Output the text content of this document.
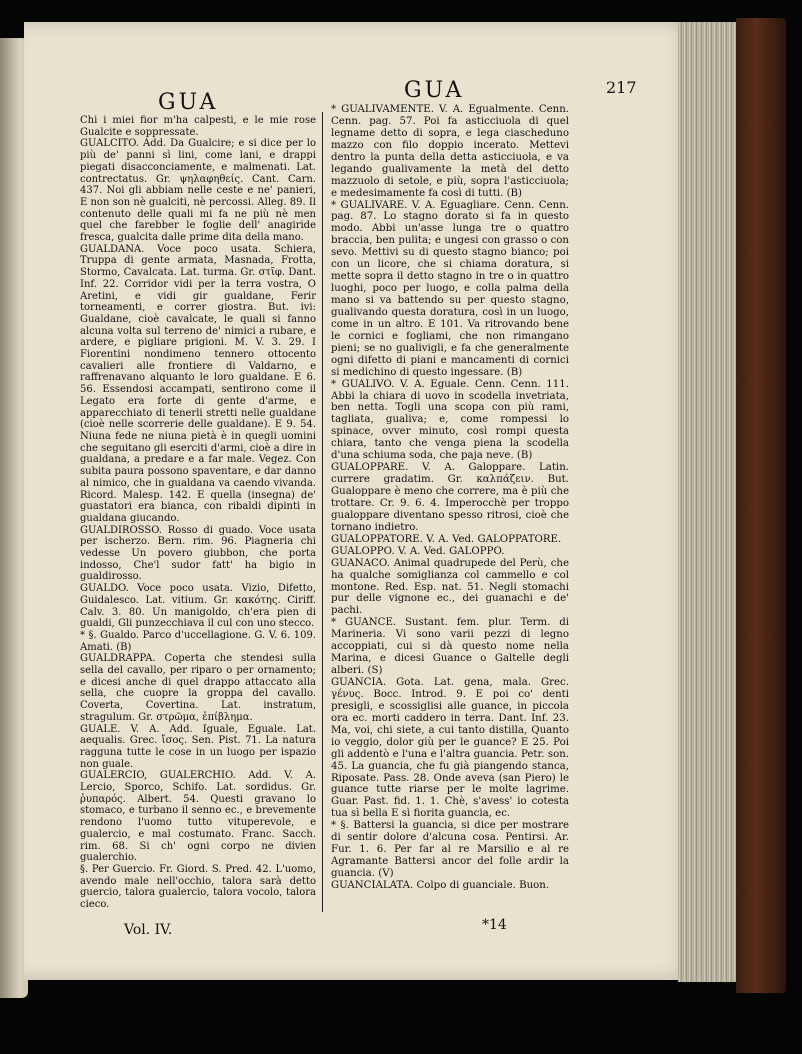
GUA	GUA	217

Chi i miei fior m'ha calpesti, e le mie rose Gualcite e soppressate.

GUALCITO. Add. Da Gualcire; e si dice per lo più de' panni sì lini, come lani, e drappi piegati disacconciamente, e malmenati. Lat. contrectatus. Gr. ψηλαφηθείς. Cant. Carn. 437. Noi gli abbiam nelle ceste e ne' panieri, E non son nè gualciti, nè percossi. Alleg. 89. Il contenuto delle quali mi fa ne più nè men quel che farebber le foglie dell' anagiride fresca, gualcita dalle prime dita della mano.

GUALDANA. Voce poco usata. Schiera, Truppa di gente armata, Masnada, Frotta, Stormo, Cavalcata. Lat. turma. Gr. στῖφ. Dant. Inf. 22. Corridor vidi per la terra vostra, O Aretini, e vidi gir gualdane, Ferir torneamenti, e correr giostra. But. ivi: Gualdane, cioè cavalcate, le quali si fanno alcuna volta sul terreno de' nimici a rubare, e ardere, e pigliare prigioni. M. V. 3. 29. I Fiorentini nondimeno tennero ottocento cavalieri alle frontiere di Valdarno, e raffrenavano alquanto le loro gualdane. E 6. 56. Essendosi accampati, sentirono come il Legato era forte di gente d'arme, e apparecchiato di tenerli stretti nelle gualdane (cioè nelle scorrerie delle gualdane). E 9. 54. Niuna fede ne niuna pietà è in quegli uomini che seguitano gli eserciti d'armi, cioè a dire in gualdana, a predare e a far male. Vegez. Con subita paura possono spaventare, e dar danno al nimico, che in gualdana va caendo vivanda. Ricord. Malesp. 142. E quella (insegna) de' guastatori era bianca, con ribaldi dipinti in gualdana giucando.

GUALDIROSSO. Rosso di guado. Voce usata per ischerzo. Bern. rim. 96. Piagneria chi vedesse Un povero giubbon, che porta indosso, Che'l sudor fatt' ha bigio in gualdirosso.

GUALDO. Voce poco usata. Vizio, Difetto, Guidalesco. Lat. vitium. Gr. κακότης. Ciriff. Calv. 3. 80. Un manigoldo, ch'era pien di gualdi, Gli punzecchiava il cul con uno stecco.

* §. Gualdo. Parco d'uccellagione. G. V. 6. 109. Amati. (B)

GUALDRAPPA. Coperta che stendesi sulla sella del cavallo, per riparo o per ornamento; e dicesi anche di quel drappo attaccato alla sella, che cuopre la groppa del cavallo. Coverta, Covertina. Lat. instratum, stragulum. Gr. στρῶμα, ἐπίβλημα.

GUALE. V. A. Add. Iguale, Eguale. Lat. aequalis. Grec. ἴσος. Sen. Pist. 71. La natura ragguna tutte le cose in un luogo per ispazio non guale.

GUALERCIO, GUALERCHIO. Add. V. A. Lercio, Sporco, Schifo. Lat. sordidus. Gr. ῥυπαρός. Albert. 54. Questi gravano lo stomaco, e turbano il senno ec., e brevemente rendono l'uomo tutto vituperevole, e gualercio, e mal costumato. Franc. Sacch. rim. 68. Si ch' ogni corpo ne divien gualerchio.

§. Per Guercio. Fr. Giord. S. Pred. 42. L'uomo, avendo male nell'occhio, talora sarà detto guercio, talora gualercio, talora vocolo, talora cieco.

* GUALIVAMENTE. V. A. Egualmente. Cenn. Cenn. pag. 57. Poi fa asticciuola di quel legname detto di sopra, e lega ciascheduno mazzo con filo doppio incerato. Mettevi dentro la punta della detta asticciuola, e va legando gualivamente la metà del detto mazzuolo di setole, e più, sopra l'asticciuola; e medesimamente fa così di tutti. (B)

* GUALIVARE. V. A. Eguagliare. Cenn. Cenn. pag. 87. Lo stagno dorato si fa in questo modo. Abbi un'asse lunga tre o quattro braccia, ben pulita; e ungesi con grasso o con sevo. Mettivi su di questo stagno bianco; poi con un licore, che si chiama doratura, si mette sopra il detto stagno in tre o in quattro luoghi, poco per luogo, e colla palma della mano si va battendo su per questo stagno, gualivando questa doratura, così in un luogo, come in un altro. E 101. Va ritrovando bene le cornici e fogliami, che non rimangano pieni; se no gualivigli, e fa che generalmente ogni difetto di piani e mancamenti di cornici si medichino di questo ingessare. (B)

* GUALIVO. V. A. Eguale. Cenn. Cenn. 111. Abbi la chiara di uovo in scodella invetriata, ben netta. Togli una scopa con più rami, tagliata, gualiva; e, come rompessi lo spinace, ovver minuto, così rompi questa chiara, tanto che venga piena la scodella d'una schiuma soda, che paja neve. (B)

GUALOPPARE. V. A. Galoppare. Latin. currere gradatim. Gr. καλπάζειν. But. Gualoppare è meno che correre, ma è più che trottare. Cr. 9. 6. 4. Imperocchè per troppo gualoppare diventano spesso ritrosi, cioè che tornano indietro.

GUALOPPATORE. V. A. Ved. GALOPPATORE.

GUALOPPO. V. A. Ved. GALOPPO.

GUANACO. Animal quadrupede del Perù, che ha qualche somiglianza col cammello e col montone. Red. Esp. nat. 51. Negli stomachi pur delle vignone ec., dei guanachi e de' pachi.

* GUANCE. Sustant. fem. plur. Term. di Marineria. Vi sono varii pezzi di legno accoppiati, cui si dà questo nome nella Marina, e dicesi Guance o Galtelle degli alberi. (S)

GUANCIA. Gota. Lat. gena, mala. Grec. γένυς. Bocc. Introd. 9. E poi co' denti presigli, e scossiglisi alle guance, in piccola ora ec. morti caddero in terra. Dant. Inf. 23. Ma, voi, chi siete, a cui tanto distilla, Quanto io veggio, dolor giù per le guance? E 25. Poi gli addentò e l'una e l'altra guancia. Petr. son. 45. La guancia, che fu già piangendo stanca, Riposate. Pass. 28. Onde aveva (san Piero) le guance tutte riarse per le molte lagrime. Guar. Past. fid. 1. 1. Chè, s'avess' io cotesta tua sì bella E sì fiorita guancia, ec.

* §. Battersi la guancia, si dice per mostrare di sentir dolore d'alcuna cosa. Pentirsi. Ar. Fur. 1. 6. Per far al re Marsilio e al re Agramante Battersi ancor del folle ardir la guancia. (V)

GUANCIALATA. Colpo di guanciale. Buon.

Vol. IV.	*14
